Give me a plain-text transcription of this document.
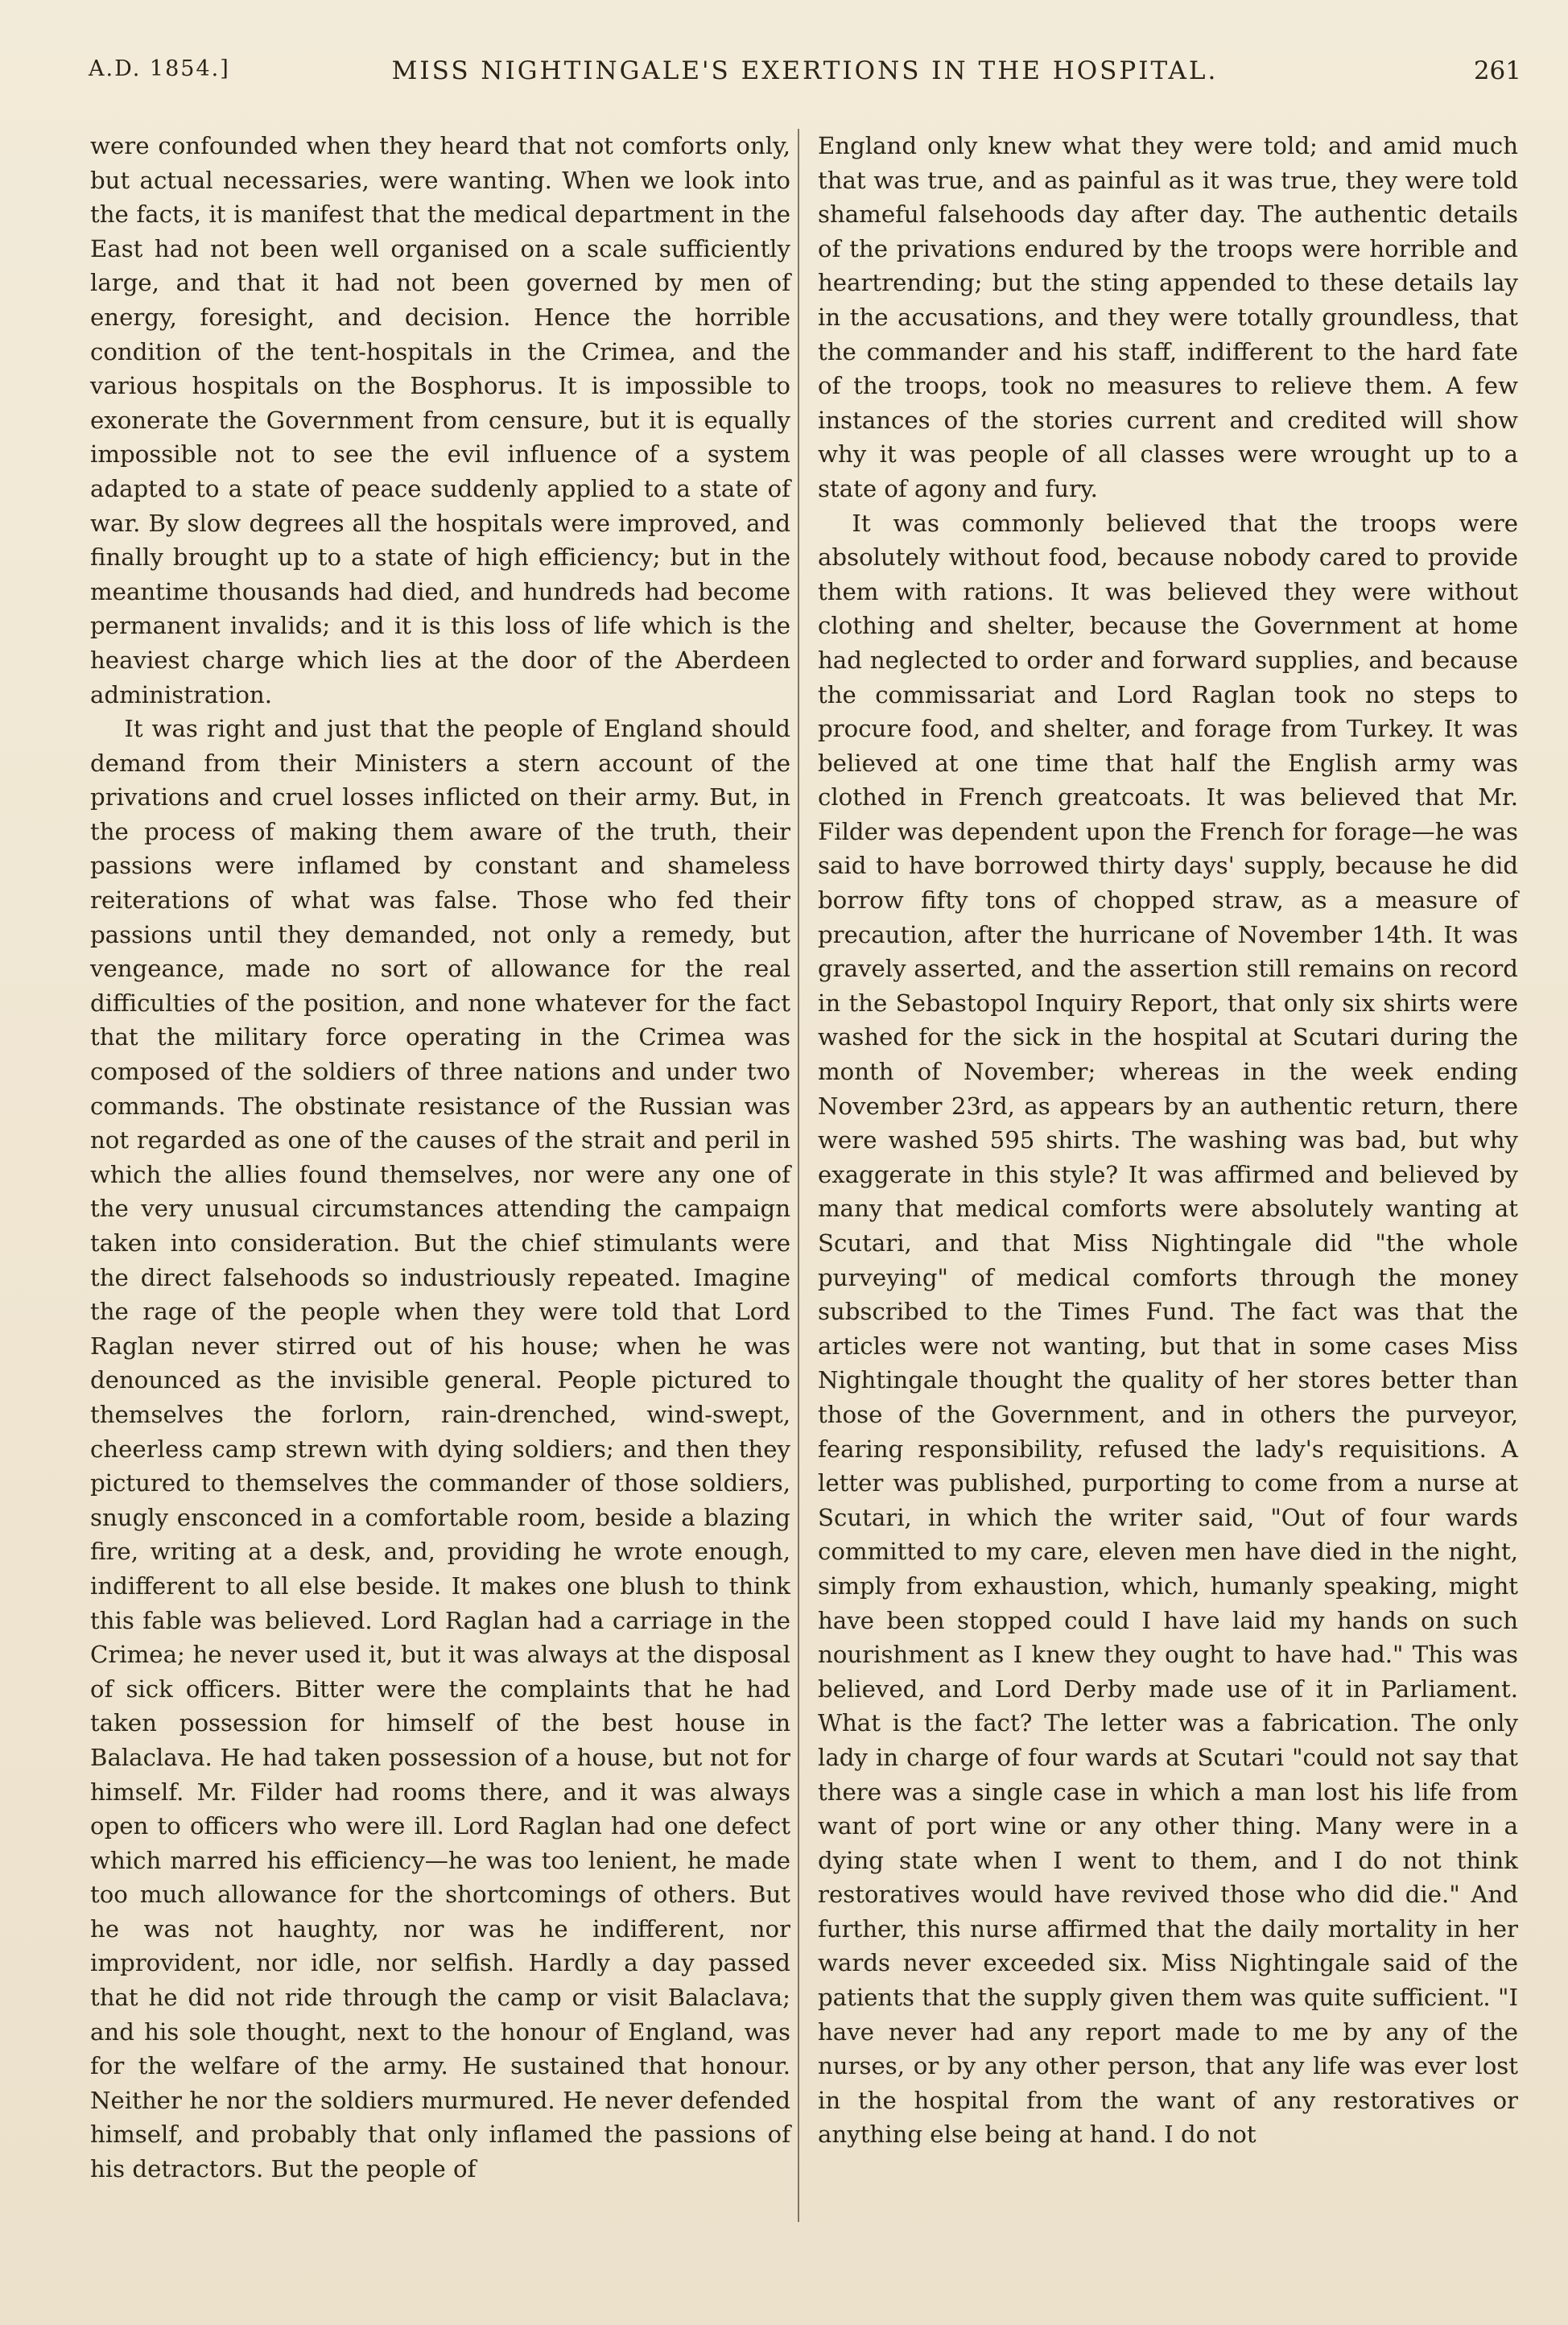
A.D. 1854.]	MISS NIGHTINGALE'S EXERTIONS IN THE HOSPITAL.	261

were confounded when they heard that not comforts only, but actual necessaries, were wanting. When we look into the facts, it is manifest that the medical department in the East had not been well organised on a scale sufficiently large, and that it had not been governed by men of energy, foresight, and decision. Hence the horrible condition of the tent-hospitals in the Crimea, and the various hospitals on the Bosphorus. It is impossible to exonerate the Government from censure, but it is equally impossible not to see the evil influence of a system adapted to a state of peace suddenly applied to a state of war. By slow degrees all the hospitals were improved, and finally brought up to a state of high efficiency; but in the meantime thousands had died, and hundreds had become permanent invalids; and it is this loss of life which is the heaviest charge which lies at the door of the Aberdeen administration.

It was right and just that the people of England should demand from their Ministers a stern account of the privations and cruel losses inflicted on their army. But, in the process of making them aware of the truth, their passions were inflamed by constant and shameless reiterations of what was false. Those who fed their passions until they demanded, not only a remedy, but vengeance, made no sort of allowance for the real difficulties of the position, and none whatever for the fact that the military force operating in the Crimea was composed of the soldiers of three nations and under two commands. The obstinate resistance of the Russian was not regarded as one of the causes of the strait and peril in which the allies found themselves, nor were any one of the very unusual circumstances attending the campaign taken into consideration. But the chief stimulants were the direct falsehoods so industriously repeated. Imagine the rage of the people when they were told that Lord Raglan never stirred out of his house; when he was denounced as the invisible general. People pictured to themselves the forlorn, rain-drenched, wind-swept, cheerless camp strewn with dying soldiers; and then they pictured to themselves the commander of those soldiers, snugly ensconced in a comfortable room, beside a blazing fire, writing at a desk, and, providing he wrote enough, indifferent to all else beside. It makes one blush to think this fable was believed. Lord Raglan had a carriage in the Crimea; he never used it, but it was always at the disposal of sick officers. Bitter were the complaints that he had taken possession for himself of the best house in Balaclava. He had taken possession of a house, but not for himself. Mr. Filder had rooms there, and it was always open to officers who were ill. Lord Raglan had one defect which marred his efficiency—he was too lenient, he made too much allowance for the shortcomings of others. But he was not haughty, nor was he indifferent, nor improvident, nor idle, nor selfish. Hardly a day passed that he did not ride through the camp or visit Balaclava; and his sole thought, next to the honour of England, was for the welfare of the army. He sustained that honour. Neither he nor the soldiers murmured. He never defended himself, and probably that only inflamed the passions of his detractors. But the people of

England only knew what they were told; and amid much that was true, and as painful as it was true, they were told shameful falsehoods day after day. The authentic details of the privations endured by the troops were horrible and heartrending; but the sting appended to these details lay in the accusations, and they were totally groundless, that the commander and his staff, indifferent to the hard fate of the troops, took no measures to relieve them. A few instances of the stories current and credited will show why it was people of all classes were wrought up to a state of agony and fury.

It was commonly believed that the troops were absolutely without food, because nobody cared to provide them with rations. It was believed they were without clothing and shelter, because the Government at home had neglected to order and forward supplies, and because the commissariat and Lord Raglan took no steps to procure food, and shelter, and forage from Turkey. It was believed at one time that half the English army was clothed in French greatcoats. It was believed that Mr. Filder was dependent upon the French for forage—he was said to have borrowed thirty days' supply, because he did borrow fifty tons of chopped straw, as a measure of precaution, after the hurricane of November 14th. It was gravely asserted, and the assertion still remains on record in the Sebastopol Inquiry Report, that only six shirts were washed for the sick in the hospital at Scutari during the month of November; whereas in the week ending November 23rd, as appears by an authentic return, there were washed 595 shirts. The washing was bad, but why exaggerate in this style? It was affirmed and believed by many that medical comforts were absolutely wanting at Scutari, and that Miss Nightingale did "the whole purveying" of medical comforts through the money subscribed to the Times Fund. The fact was that the articles were not wanting, but that in some cases Miss Nightingale thought the quality of her stores better than those of the Government, and in others the purveyor, fearing responsibility, refused the lady's requisitions. A letter was published, purporting to come from a nurse at Scutari, in which the writer said, "Out of four wards committed to my care, eleven men have died in the night, simply from exhaustion, which, humanly speaking, might have been stopped could I have laid my hands on such nourishment as I knew they ought to have had." This was believed, and Lord Derby made use of it in Parliament. What is the fact? The letter was a fabrication. The only lady in charge of four wards at Scutari "could not say that there was a single case in which a man lost his life from want of port wine or any other thing. Many were in a dying state when I went to them, and I do not think restoratives would have revived those who did die." And further, this nurse affirmed that the daily mortality in her wards never exceeded six. Miss Nightingale said of the patients that the supply given them was quite sufficient. "I have never had any report made to me by any of the nurses, or by any other person, that any life was ever lost in the hospital from the want of any restoratives or anything else being at hand. I do not
